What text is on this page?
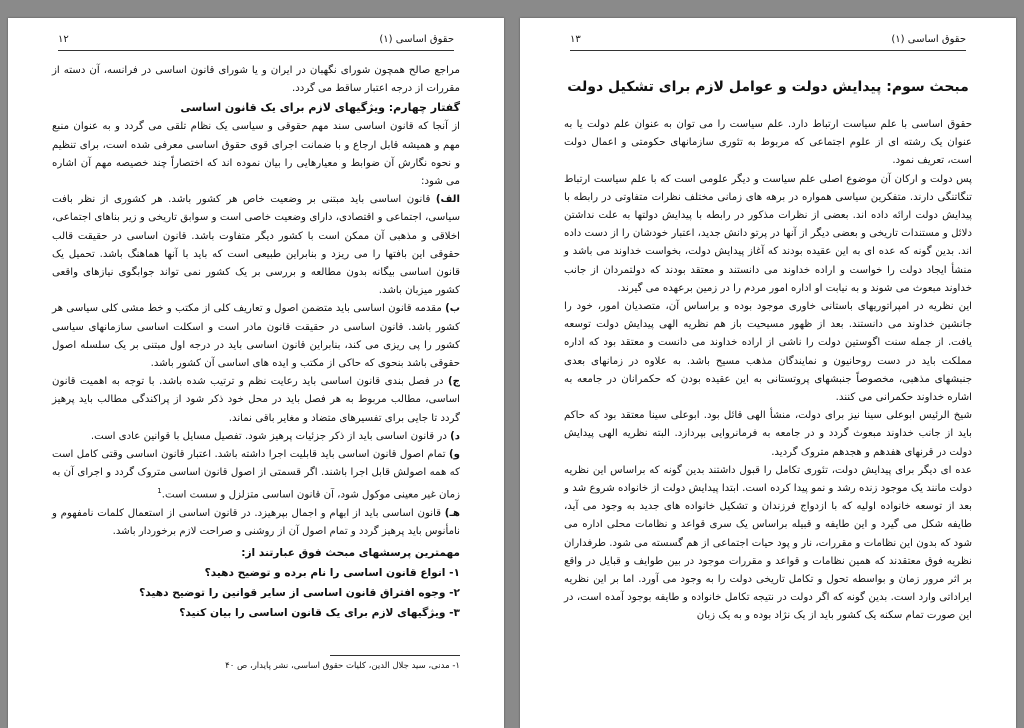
حقوق اساسی (۱)
۱۲

مراجع صالح همچون شورای نگهبان در ایران و یا شورای قانون اساسی در فرانسه، آن دسته از مقررات از درجه اعتبار ساقط می گردد.

گفتار چهارم: ویژگیهای لازم برای یک قانون اساسی

از آنجا که قانون اساسی سند مهم حقوقی و سیاسی یک نظام تلقی می گردد و به عنوان منبع مهم و همیشه قابل ارجاع و با ضمانت اجرای قوی حقوق اساسی معرفی شده است، برای تنظیم و نحوه نگارش آن ضوابط و معیارهایی را بیان نموده اند که اختصاراً چند خصیصه مهم آن اشاره می شود:

الف) قانون اساسی باید مبتنی بر وضعیت خاص هر کشور باشد. هر کشوری از نظر بافت سیاسی، اجتماعی و اقتصادی، دارای وضعیت خاصی است و سوابق تاریخی و زیر بناهای اجتماعی، اخلاقی و مذهبی آن ممکن است با کشور دیگر متفاوت باشد. قانون اساسی در حقیقت قالب حقوقی این بافتها را می ریزد و بنابراین طبیعی است که باید با آنها هماهنگ باشد. تحمیل یک قانون اساسی بیگانه بدون مطالعه و بررسی بر یک کشور نمی تواند جوابگوی نیازهای واقعی کشور میزبان باشد.

ب) مقدمه قانون اساسی باید متضمن اصول و تعاریف کلی از مکتب و خط مشی کلی سیاسی هر کشور باشد. قانون اساسی در حقیقت قانون مادر است و اسکلت اساسی سازمانهای سیاسی کشور را پی ریزی می کند، بنابراین قانون اساسی باید در درجه اول مبتنی بر یک سلسله اصول حقوقی باشد بنحوی که حاکی از مکتب و ایده های اساسی آن کشور باشد.

ج) در فصل بندی قانون اساسی باید رعایت نظم و ترتیب شده باشد. با توجه به اهمیت قانون اساسی، مطالب مربوط به هر فصل باید در محل خود ذکر شود از پراکندگی مطالب باید پرهیز گردد تا جایی برای تفسیرهای متضاد و مغایر باقی نماند.

د) در قانون اساسی باید از ذکر جزئیات پرهیز شود. تفصیل مسایل با قوانین عادی است.

و) تمام اصول قانون اساسی باید قابلیت اجرا داشته باشد. اعتبار قانون اساسی وقتی کامل است که همه اصولش قابل اجرا باشند. اگر قسمتی از اصول قانون اساسی متروک گردد و اجرای آن به زمان غیر معینی موکول شود، آن قانون اساسی متزلزل و سست است.$^1$

هـ) قانون اساسی باید از ابهام و اجمال بپرهیزد. در قانون اساسی از استعمال کلمات نامفهوم و نامأنوس باید پرهیز گردد و تمام اصول آن از روشنی و صراحت لازم برخوردار باشد.

مهمترین پرسشهای مبحث فوق عبارتند از:

۱- انواع قانون اساسی را نام برده و توضیح دهید؟

۲- وجوه افتراق قانون اساسی از سایر قوانین را توضیح دهید؟

۳- ویژگیهای لازم برای یک قانون اساسی را بیان کنید؟

۱- مدنی، سید جلال الدین، کلیات حقوق اساسی، نشر پایدار، ص ۴۰
حقوق اساسی (۱)
۱۳

مبحث سوم: پیدایش دولت و عوامل لازم برای تشکیل دولت

حقوق اساسی با علم سیاست ارتباط دارد. علم سیاست را می توان به عنوان علم دولت یا به عنوان یک رشته ای از علوم اجتماعی که مربوط به تئوری سازمانهای حکومتی و اعمال دولت است، تعریف نمود.

پس دولت و ارکان آن موضوع اصلی علم سیاست و دیگر علومی است که با علم سیاست ارتباط تنگاتنگی دارند. متفکرین سیاسی همواره در برهه های زمانی مختلف نظرات متفاوتی در رابطه با پیدایش دولت ارائه داده اند. بعضی از نظرات مذکور در رابطه با پیدایش دولتها به علت نداشتن دلائل و مستندات تاریخی و بعضی دیگر از آنها در پرتو دانش جدید، اعتبار خودشان را از دست داده اند. بدین گونه که عده ای به این عقیده بودند که آغاز پیدایش دولت، بخواست خداوند می باشد و منشأ ایجاد دولت را خواست و اراده خداوند می دانستند و معتقد بودند که دولتمردان از جانب خداوند مبعوث می شوند و به نیابت او اداره امور مردم را در زمین برعهده می گیرند.

این نظریه در امپراتوریهای باستانی خاوری موجود بوده و براساس آن، متصدیان امور، خود را جانشین خداوند می دانستند. بعد از ظهور مسیحیت باز هم نظریه الهی پیدایش دولت توسعه یافت. از جمله سنت اگوستین دولت را ناشی از اراده خداوند می دانست و معتقد بود که اداره مملکت باید در دست روحانیون و نمایندگان مذهب مسیح باشد. به علاوه در زمانهای بعدی جنبشهای مذهبی، مخصوصاً جنبشهای پروتستانی به این عقیده بودن که حکمرانان در جامعه به اشاره خداوند حکمرانی می کنند.

شیخ الرئیس ابوعلی سینا نیز برای دولت، منشأ الهی قائل بود. ابوعلی سینا معتقد بود که حاکم باید از جانب خداوند مبعوث گردد و در جامعه به فرمانروایی بپردازد. البته نظریه الهی پیدایش دولت در قرنهای هفدهم و هجدهم متروک گردید.

عده ای دیگر برای پیدایش دولت، تئوری تکامل را قبول داشتند بدین گونه که براساس این نظریه دولت مانند یک موجود زنده رشد و نمو پیدا کرده است. ابتدا پیدایش دولت از خانواده شروع شد و بعد از توسعه خانواده اولیه که با ازدواج فرزندان و تشکیل خانواده های جدید به وجود می آید، طایفه شکل می گیرد و این طایفه و قبیله براساس یک سری قواعد و نظامات محلی اداره می شود که بدون این نظامات و مقررات، نار و پود حیات اجتماعی از هم گسسته می شود. طرفداران نظریه فوق معتقدند که همین نظامات و قواعد و مقررات موجود در بین طوایف و قبایل در واقع بر اثر مرور زمان و بواسطه تحول و تکامل تاریخی دولت را به وجود می آورد. اما بر این نظریه ایراداتی وارد است. بدین گونه که اگر دولت در نتیجه تکامل خانواده و طایفه بوجود آمده است، در این صورت تمام سکنه یک کشور باید از یک نژاد بوده و به یک زبان
